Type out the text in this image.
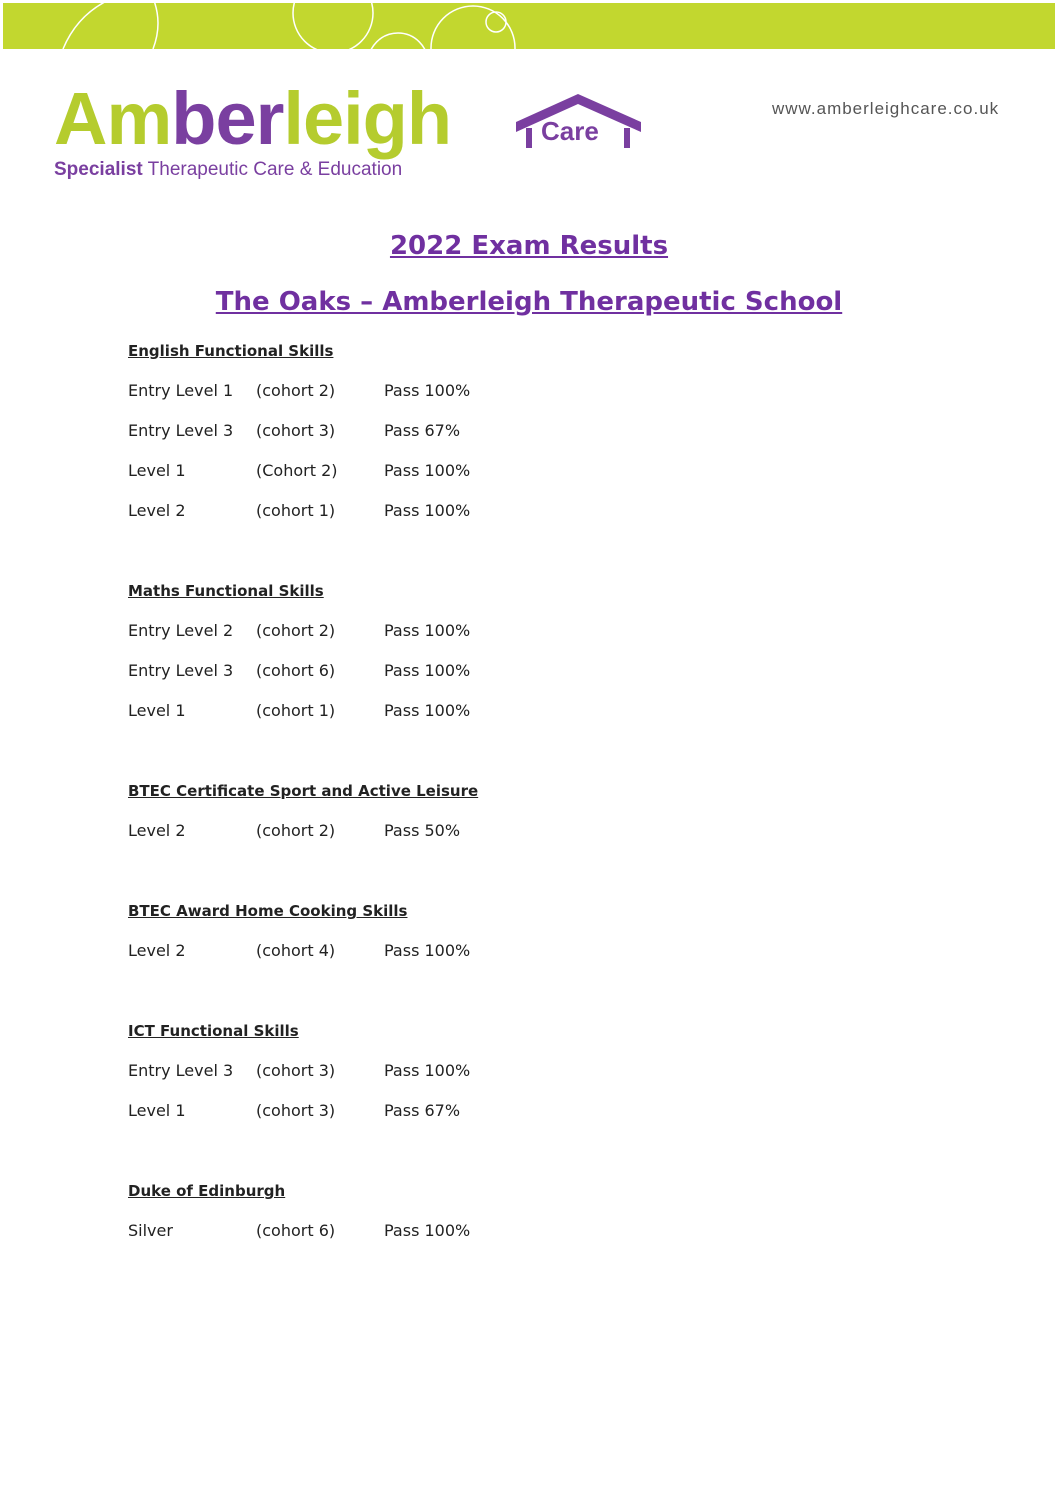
Amberleigh	Care
Specialist Therapeutic Care & Education
www.amberleighcare.co.uk
2022 Exam Results
The Oaks – Amberleigh Therapeutic School
English Functional Skills
Entry Level 1	(cohort 2)	Pass 100%
Entry Level 3	(cohort 3)	Pass 67%
Level 1	(Cohort 2)	Pass 100%
Level 2	(cohort 1)	Pass 100%
Maths Functional Skills
Entry Level 2	(cohort 2)	Pass 100%
Entry Level 3	(cohort 6)	Pass 100%
Level 1	(cohort 1)	Pass 100%
BTEC Certificate Sport and Active Leisure
Level 2	(cohort 2)	Pass 50%
BTEC Award Home Cooking Skills
Level 2	(cohort 4)	Pass 100%
ICT Functional Skills
Entry Level 3	(cohort 3)	Pass 100%
Level 1	(cohort 3)	Pass 67%
Duke of Edinburgh
Silver	(cohort 6)	Pass 100%
